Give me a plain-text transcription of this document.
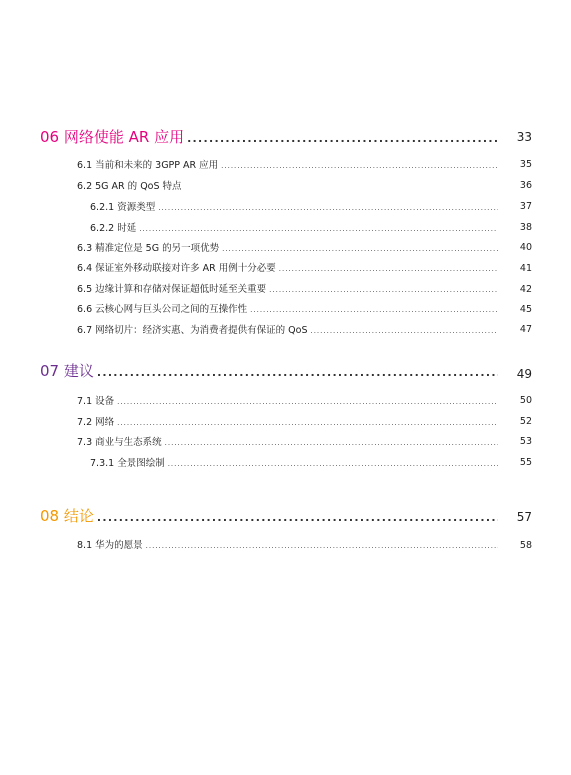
06 网络使能 AR 应用 .....	33
6.1 当前和未来的 3GPP AR 应用 .....	35
6.2 5G AR 的 QoS 特点	36
6.2.1 资源类型 .....	37
6.2.2 时延 .....	38
6.3 精准定位是 5G 的另一项优势 .....	40
6.4 保证室外移动联接对许多 AR 用例十分必要 .....	41
6.5 边缘计算和存储对保证超低时延至关重要 .....	42
6.6 云核心网与巨头公司之间的互操作性 .....	45
6.7 网络切片：经济实惠、为消费者提供有保证的 QoS .....	47
07 建议 .....	49
7.1 设备 .....	50
7.2 网络 .....	52
7.3 商业与生态系统 .....	53
7.3.1 全景图绘制 .....	55
08 结论 .....	57
8.1 华为的愿景 .....	58
